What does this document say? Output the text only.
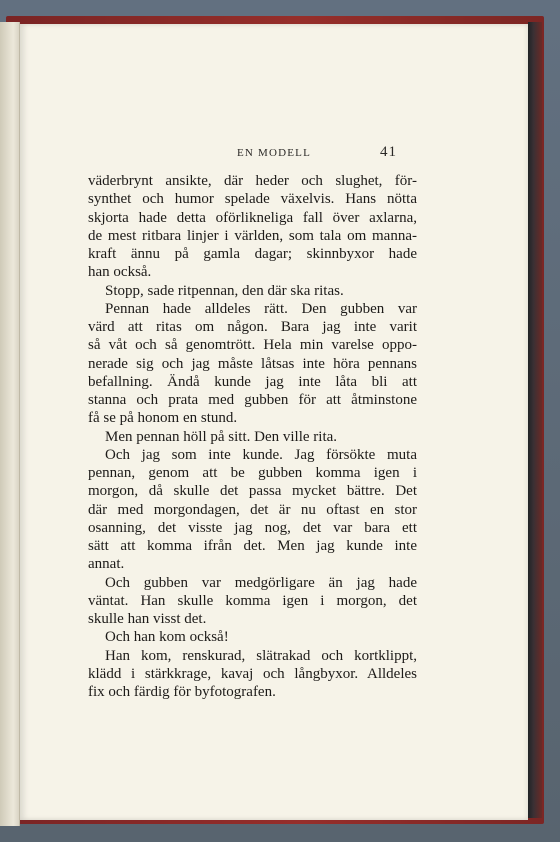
EN MODELL	41
väderbrynt ansikte, där heder och slughet, för-
synthet och humor spelade växelvis. Hans nötta
skjorta hade detta oförlikneliga fall över axlarna,
de mest ritbara linjer i världen, som tala om manna-
kraft ännu på gamla dagar; skinnbyxor hade
han också.
Stopp, sade ritpennan, den där ska ritas.
Pennan hade alldeles rätt. Den gubben var
värd att ritas om någon. Bara jag inte varit
så våt och så genomtrött. Hela min varelse oppo-
nerade sig och jag måste låtsas inte höra pennans
befallning. Ändå kunde jag inte låta bli att
stanna och prata med gubben för att åtminstone
få se på honom en stund.
Men pennan höll på sitt. Den ville rita.
Och jag som inte kunde. Jag försökte muta
pennan, genom att be gubben komma igen i
morgon, då skulle det passa mycket bättre. Det
där med morgondagen, det är nu oftast en stor
osanning, det visste jag nog, det var bara ett
sätt att komma ifrån det. Men jag kunde inte
annat.
Och gubben var medgörligare än jag hade
väntat. Han skulle komma igen i morgon, det
skulle han visst det.
Och han kom också!
Han kom, renskurad, slätrakad och kortklippt,
klädd i stärkkrage, kavaj och långbyxor. Alldeles
fix och färdig för byfotografen.
